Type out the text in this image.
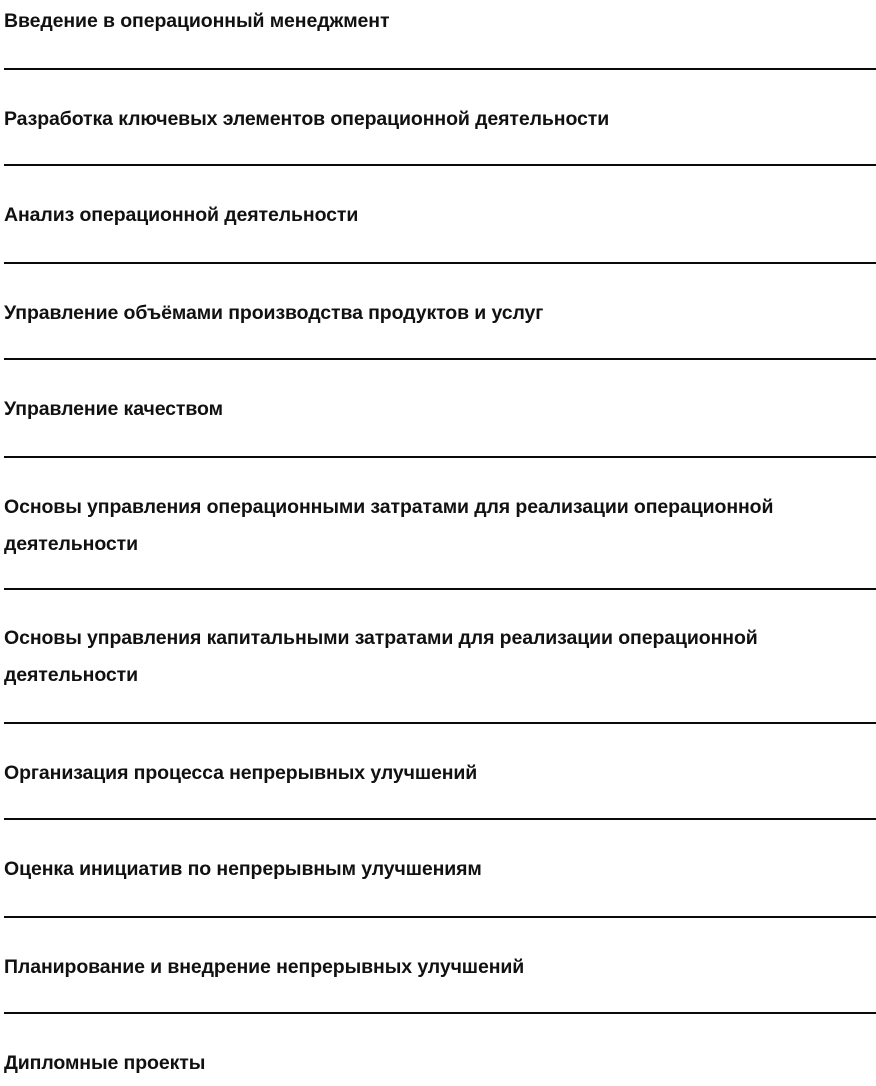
Введение в операционный менеджмент
Разработка ключевых элементов операционной деятельности
Анализ операционной деятельности
Управление объёмами производства продуктов и услуг
Управление качеством
Основы управления операционными затратами для реализации операционной деятельности
Основы управления капитальными затратами для реализации операционной деятельности
Организация процесса непрерывных улучшений
Оценка инициатив по непрерывным улучшениям
Планирование и внедрение непрерывных улучшений
Дипломные проекты
